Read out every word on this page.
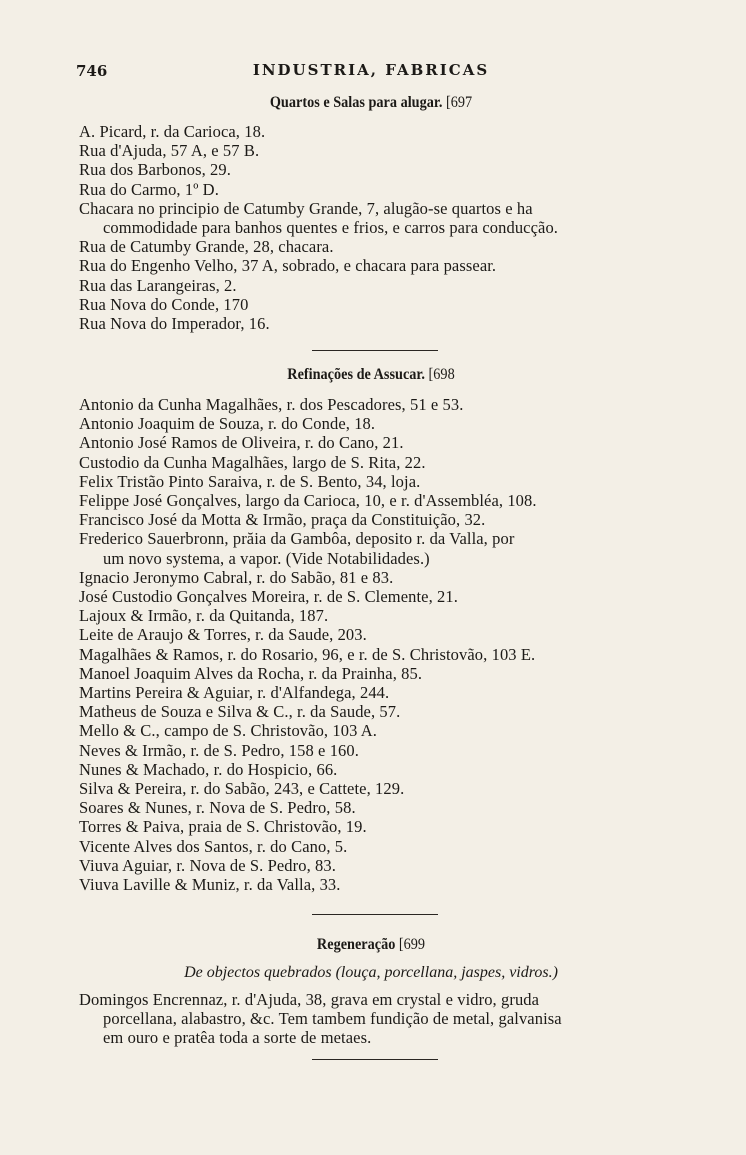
746	INDUSTRIA, FABRICAS
Quartos e Salas para alugar. [697
A. Picard, r. da Carioca, 18.
Rua d'Ajuda, 57 A, e 57 B.
Rua dos Barbonos, 29.
Rua do Carmo, 1º D.
Chacara no principio de Catumby Grande, 7, alugão-se quartos e ha
commodidade para banhos quentes e frios, e carros para conducção.
Rua de Catumby Grande, 28, chacara.
Rua do Engenho Velho, 37 A, sobrado, e chacara para passear.
Rua das Larangeiras, 2.
Rua Nova do Conde, 170
Rua Nova do Imperador, 16.
Refinações de Assucar. [698
Antonio da Cunha Magalhães, r. dos Pescadores, 51 e 53.
Antonio Joaquim de Souza, r. do Conde, 18.
Antonio José Ramos de Oliveira, r. do Cano, 21.
Custodio da Cunha Magalhães, largo de S. Rita, 22.
Felix Tristão Pinto Saraiva, r. de S. Bento, 34, loja.
Felippe José Gonçalves, largo da Carioca, 10, e r. d'Assembléa, 108.
Francisco José da Motta & Irmão, praça da Constituição, 32.
Frederico Sauerbronn, prăia da Gambôa, deposito r. da Valla, por
um novo systema, a vapor. (Vide Notabilidades.)
Ignacio Jeronymo Cabral, r. do Sabão, 81 e 83.
José Custodio Gonçalves Moreira, r. de S. Clemente, 21.
Lajoux & Irmão, r. da Quitanda, 187.
Leite de Araujo & Torres, r. da Saude, 203.
Magalhães & Ramos, r. do Rosario, 96, e r. de S. Christovão, 103 E.
Manoel Joaquim Alves da Rocha, r. da Prainha, 85.
Martins Pereira & Aguiar, r. d'Alfandega, 244.
Matheus de Souza e Silva & C., r. da Saude, 57.
Mello & C., campo de S. Christovão, 103 A.
Neves & Irmão, r. de S. Pedro, 158 e 160.
Nunes & Machado, r. do Hospicio, 66.
Silva & Pereira, r. do Sabão, 243, e Cattete, 129.
Soares & Nunes, r. Nova de S. Pedro, 58.
Torres & Paiva, praia de S. Christovão, 19.
Vicente Alves dos Santos, r. do Cano, 5.
Viuva Aguiar, r. Nova de S. Pedro, 83.
Viuva Laville & Muniz, r. da Valla, 33.
Regeneração [699
De objectos quebrados (louça, porcellana, jaspes, vidros.)
Domingos Encrennaz, r. d'Ajuda, 38, grava em crystal e vidro, gruda
porcellana, alabastro, &c. Tem tambem fundição de metal, galvanisa
em ouro e pratêa toda a sorte de metaes.
